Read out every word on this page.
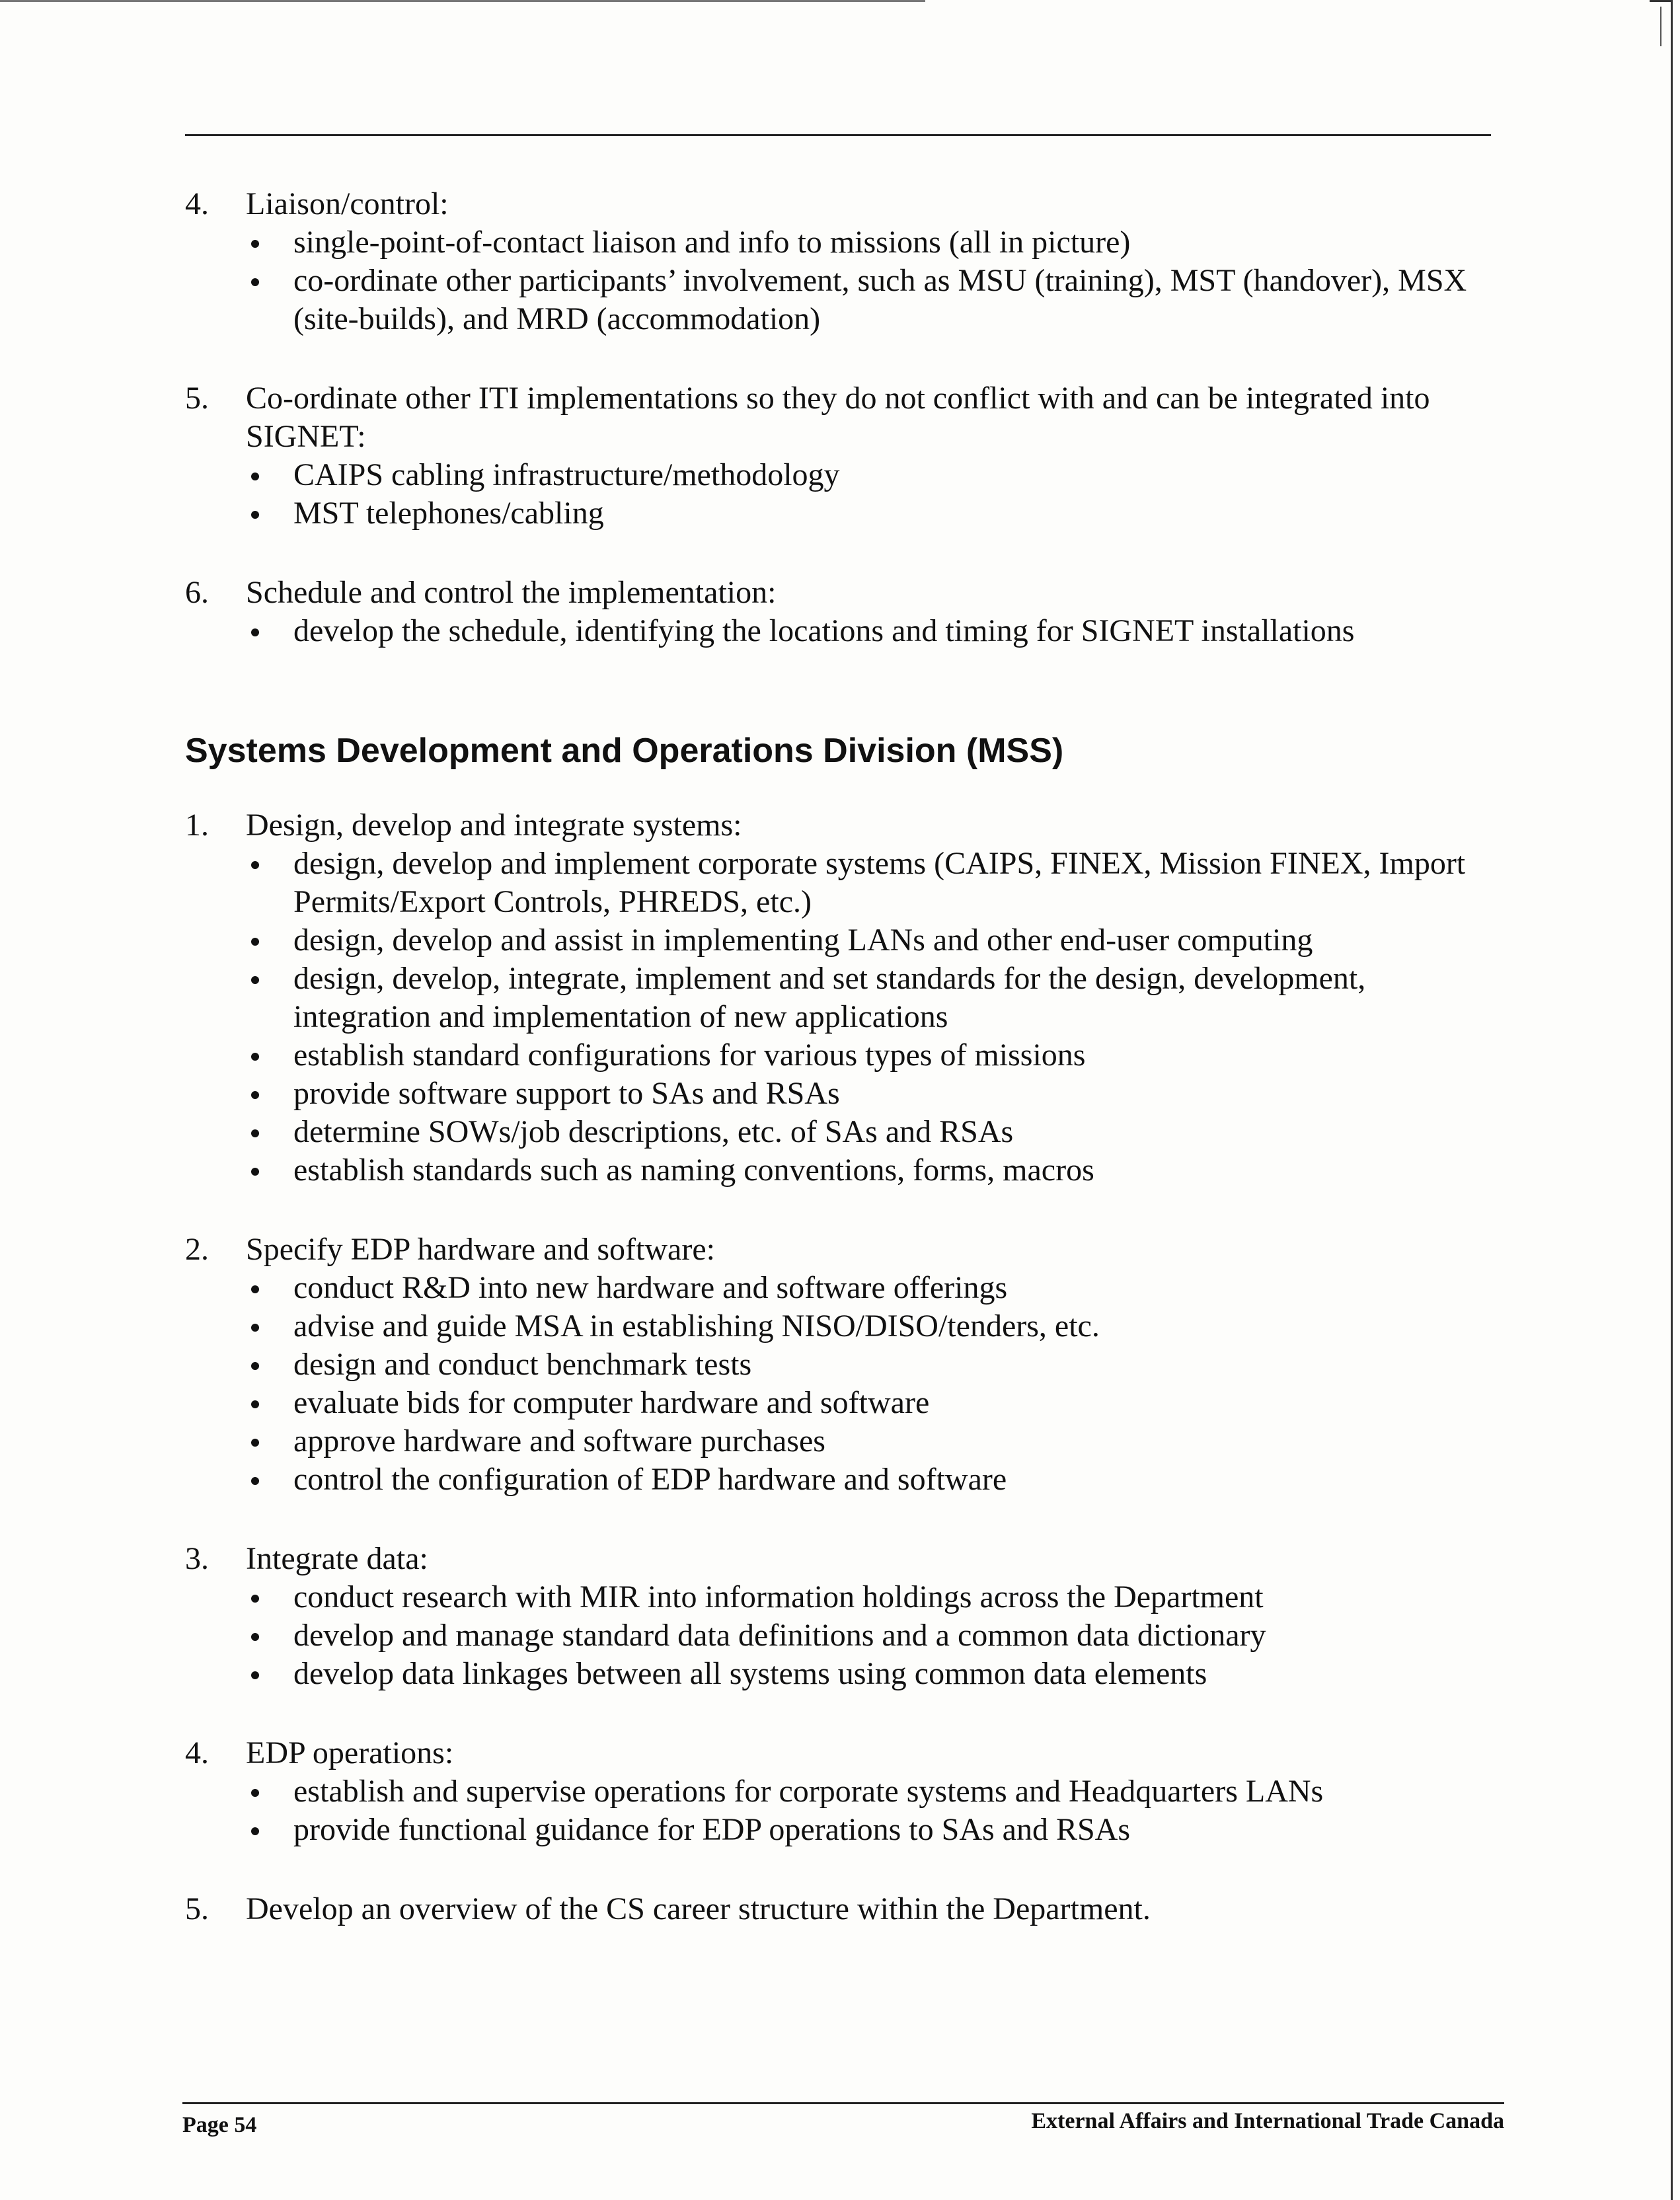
4. Liaison/control:
single-point-of-contact liaison and info to missions (all in picture)
co-ordinate other participants’ involvement, such as MSU (training), MST (handover), MSX (site-builds), and MRD (accommodation)
5. Co-ordinate other ITI implementations so they do not conflict with and can be integrated into SIGNET:
CAIPS cabling infrastructure/methodology
MST telephones/cabling
6. Schedule and control the implementation:
develop the schedule, identifying the locations and timing for SIGNET installations
Systems Development and Operations Division (MSS)
1. Design, develop and integrate systems:
design, develop and implement corporate systems (CAIPS, FINEX, Mission FINEX, Import Permits/Export Controls, PHREDS, etc.)
design, develop and assist in implementing LANs and other end-user computing
design, develop, integrate, implement and set standards for the design, development, integration and implementation of new applications
establish standard configurations for various types of missions
provide software support to SAs and RSAs
determine SOWs/job descriptions, etc. of SAs and RSAs
establish standards such as naming conventions, forms, macros
2. Specify EDP hardware and software:
conduct R&D into new hardware and software offerings
advise and guide MSA in establishing NISO/DISO/tenders, etc.
design and conduct benchmark tests
evaluate bids for computer hardware and software
approve hardware and software purchases
control the configuration of EDP hardware and software
3. Integrate data:
conduct research with MIR into information holdings across the Department
develop and manage standard data definitions and a common data dictionary
develop data linkages between all systems using common data elements
4. EDP operations:
establish and supervise operations for corporate systems and Headquarters LANs
provide functional guidance for EDP operations to SAs and RSAs
5. Develop an overview of the CS career structure within the Department.
Page 54	External Affairs and International Trade Canada
